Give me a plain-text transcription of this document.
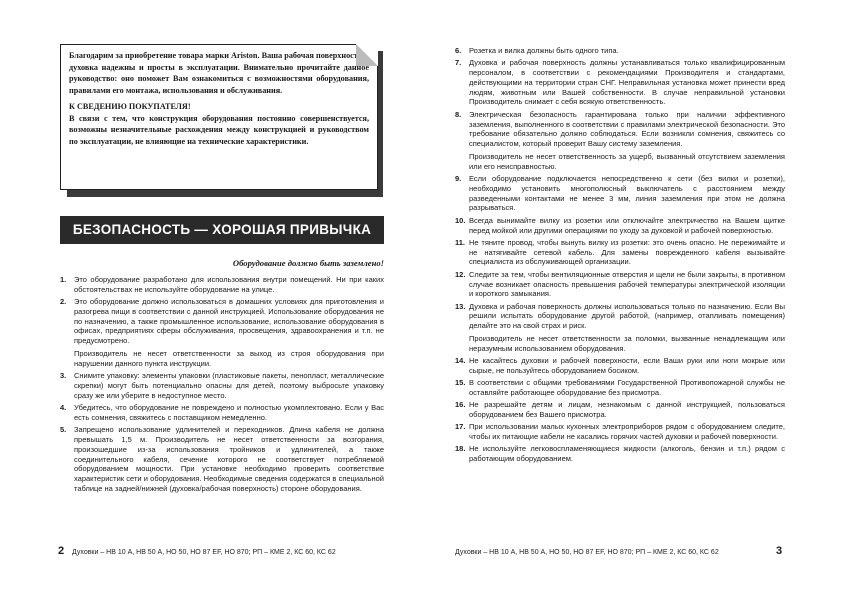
Благодарим за приобретение товара марки Ariston. Ваша рабочая поверхность и духовка надежны и просты в эксплуатации. Внимательно прочитайте данное руководство: оно поможет Вам ознакомиться с возможностями оборудования, правилами его монтажа, использования и обслуживания.

К СВЕДЕНИЮ ПОКУПАТЕЛЯ!

В связи с тем, что конструкция оборудования постоянно совершенствуется, возможны незначительные расхождения между конструкцией и руководством по эксплуатации, не влияющие на технические характеристики.

БЕЗОПАСНОСТЬ — ХОРОШАЯ ПРИВЫЧКА
Оборудование должно быть заземлено!
1. Это оборудование разработано для использования внутри помещений. Ни при каких обстоятельствах не используйте оборудование на улице.

2. Это оборудование должно использоваться в домашних условиях для приготовления и разогрева пищи в соответствии с данной инструкцией. Использование оборудования не по назначению, а также промышленное использование, использование оборудования в офисах, предприятиях сферы обслуживания, просвещения, здравоохранения и т.п. не предусмотрено.

Производитель не несет ответственности за выход из строя оборудования при нарушении данного пункта инструкции.

3. Снимите упаковку: элементы упаковки (пластиковые пакеты, пенопласт, металлические скрепки) могут быть потенциально опасны для детей, поэтому выбросьте упаковку сразу же или уберите в недоступное место.

4. Убедитесь, что оборудование не повреждено и полностью укомплектовано. Если у Вас есть сомнения, свяжитесь с поставщиком немедленно.

5. Запрещено использование удлинителей и переходников. Длина кабеля не должна превышать 1,5 м. Производитель не несет ответственности за возгорания, произошедшие из-за использования тройников и удлинителей, а также соединительного кабеля, сечение которого не соответствует потребляемой оборудованием мощности. При установке необходимо проверить соответствие характеристик сети и оборудования. Необходимые сведения содержатся в специальной таблице на задней/нижней (духовка/рабочая поверхность) стороне оборудования.

6. Розетка и вилка должны быть одного типа.

7. Духовка и рабочая поверхность должны устанавливаться только квалифицированным персоналом, в соответствии с рекомендациями Производителя и стандартами, действующими на территории стран СНГ. Неправильная установка может принести вред людям, животным или Вашей собственности. В случае неправильной установки Производитель снимает с себя всякую ответственность.

8. Электрическая безопасность гарантирована только при наличии эффективного заземления, выполненного в соответствии с правилами электрической безопасности. Это требование обязательно должно соблюдаться. Если возникли сомнения, свяжитесь со специалистом, который проверит Вашу систему заземления.

Производитель не несет ответственность за ущерб, вызванный отсутствием заземления или его неисправностью.

9. Если оборудование подключается непосредственно к сети (без вилки и розетки), необходимо установить многополюсный выключатель с расстоянием между разведенными контактами не менее 3 мм, линия заземления при этом не должна разрываться.

10. Всегда вынимайте вилку из розетки или отключайте электричество на Вашем щитке перед мойкой или другими операциями по уходу за духовкой и рабочей поверхностью.

11. Не тяните провод, чтобы вынуть вилку из розетки: это очень опасно. Не пережимайте и не натягивайте сетевой кабель. Для замены поврежденного кабеля вызывайте специалиста из обслуживающей организации.

12. Следите за тем, чтобы вентиляционные отверстия и щели не были закрыты, в противном случае возникает опасность превышения рабочей температуры электрической изоляции и короткого замыкания.

13. Духовка и рабочая поверхность должны использоваться только по назначению. Если Вы решили испытать оборудование другой работой, (например, отапливать помещения) делайте это на свой страх и риск.

Производитель не несет ответственности за поломки, вызванные ненадлежащим или неразумным использованием оборудования.

14. Не касайтесь духовки и рабочей поверхности, если Ваши руки или ноги мокрые или сырые, не пользуйтесь оборудованием босиком.

15. В соответствии с общими требованиями Государственной Противопожарной службы не оставляйте работающее оборудование без присмотра.

16. Не разрешайте детям и лицам, незнакомым с данной инструкцией, пользоваться оборудованием без Вашего присмотра.

17. При использовании малых кухонных электроприборов рядом с оборудованием следите, чтобы их питающие кабели не касались горячих частей духовки и рабочей поверхности.

18. Не используйте легковоспламеняющиеся жидкости (алкоголь, бензин и т.п.) рядом с работающим оборудованием.

2 Духовки – НВ 10 А, НВ 50 А, НО 50, НО 87 EF, НО 870; РП – КМЕ 2, КС 60, КС 62	Духовки – НВ 10 А, НВ 50 А, НО 50, НО 87 EF, НО 870; РП – КМЕ 2, КС 60, КС 62	3
